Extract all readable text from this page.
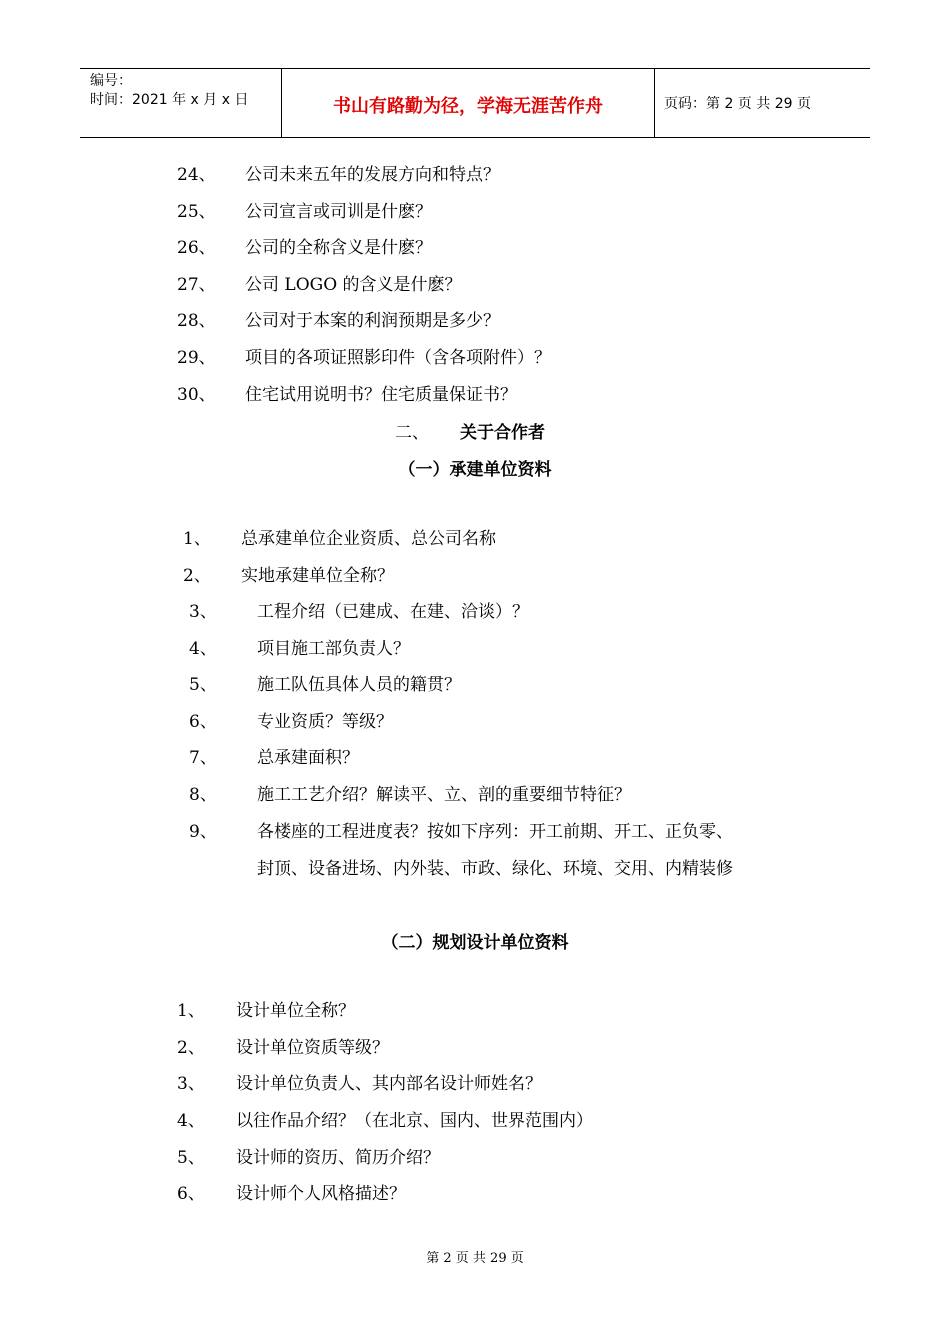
编号：
时间：2021 年 x 月 x 日	书山有路勤为径，学海无涯苦作舟	页码：第 2 页 共 29 页
24、 公司未来五年的发展方向和特点？
25、 公司宣言或司训是什麽？
26、 公司的全称含义是什麽？
27、 公司 LOGO 的含义是什麽？
28、 公司对于本案的利润预期是多少？
29、 项目的各项证照影印件（含各项附件）？
30、 住宅试用说明书？住宅质量保证书？
二、 关于合作者
（一）承建单位资料
1、 总承建单位企业资质、总公司名称
2、 实地承建单位全称？
3、 工程介绍（已建成、在建、洽谈）？
4、 项目施工部负责人？
5、 施工队伍具体人员的籍贯？
6、 专业资质？等级？
7、 总承建面积？
8、 施工工艺介绍？解读平、立、剖的重要细节特征？
9、 各楼座的工程进度表？按如下序列：开工前期、开工、正负零、
封顶、设备进场、内外装、市政、绿化、环境、交用、内精装修
（二）规划设计单位资料
1、 设计单位全称？
2、 设计单位资质等级？
3、 设计单位负责人、其内部名设计师姓名？
4、 以往作品介绍？（在北京、国内、世界范围内）
5、 设计师的资历、简历介绍？
6、 设计师个人风格描述？
第 2 页 共 29 页
